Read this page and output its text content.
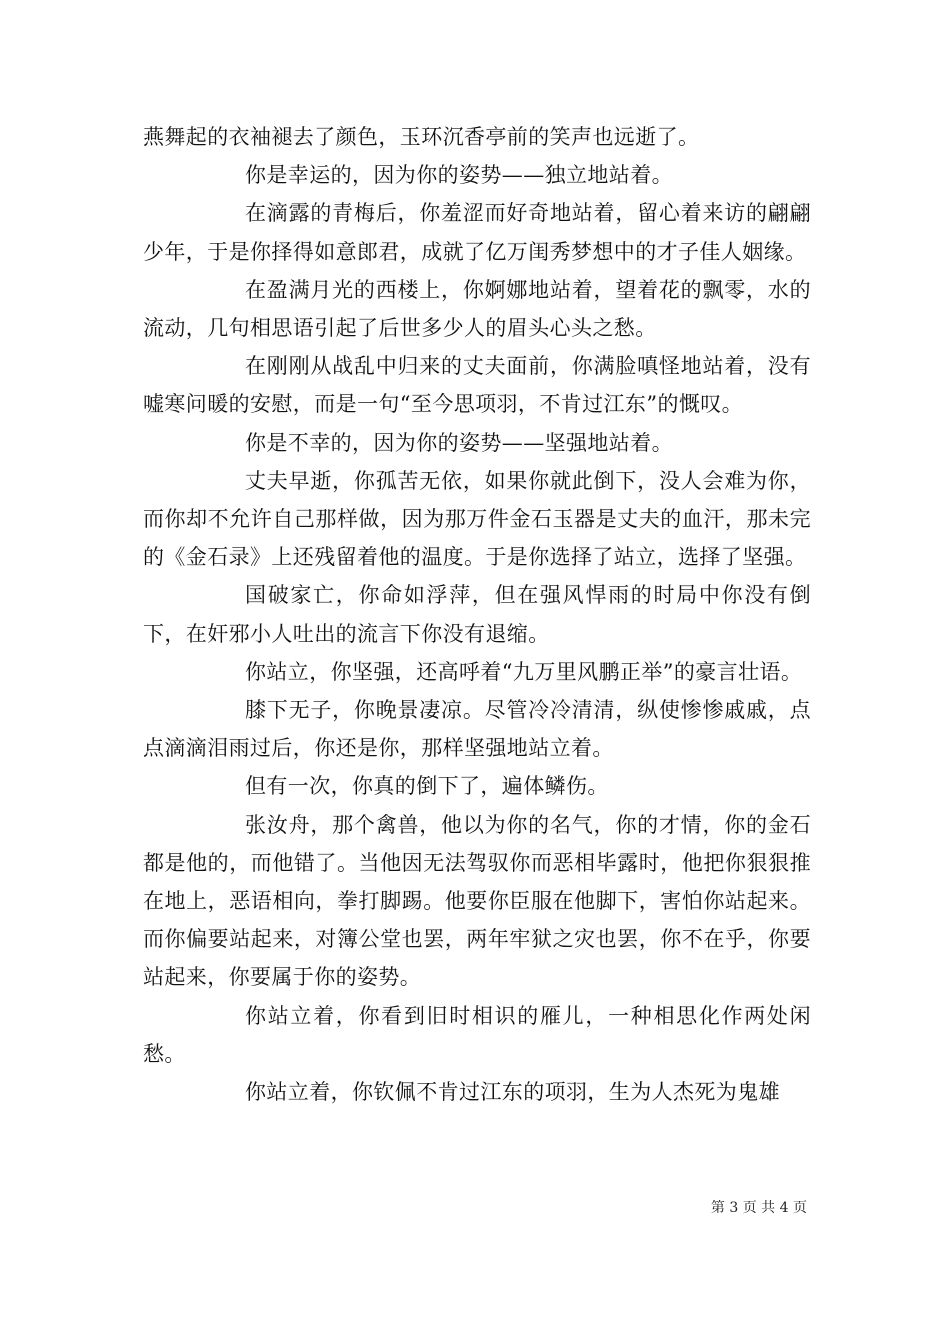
燕舞起的衣袖褪去了颜色，玉环沉香亭前的笑声也远逝了。

你是幸运的，因为你的姿势——独立地站着。

在滴露的青梅后，你羞涩而好奇地站着，留心着来访的翩翩少年，于是你择得如意郎君，成就了亿万闺秀梦想中的才子佳人姻缘。

在盈满月光的西楼上，你婀娜地站着，望着花的飘零，水的流动，几句相思语引起了后世多少人的眉头心头之愁。

在刚刚从战乱中归来的丈夫面前，你满脸嗔怪地站着，没有嘘寒问暖的安慰，而是一句“至今思项羽，不肯过江东”的慨叹。

你是不幸的，因为你的姿势——坚强地站着。

丈夫早逝，你孤苦无依，如果你就此倒下，没人会难为你，而你却不允许自己那样做，因为那万件金石玉器是丈夫的血汗，那未完的《金石录》上还残留着他的温度。于是你选择了站立，选择了坚强。

国破家亡，你命如浮萍，但在强风悍雨的时局中你没有倒下，在奸邪小人吐出的流言下你没有退缩。

你站立，你坚强，还高呼着“九万里风鹏正举”的豪言壮语。

膝下无子，你晚景凄凉。尽管冷冷清清，纵使惨惨戚戚，点点滴滴泪雨过后，你还是你，那样坚强地站立着。

但有一次，你真的倒下了，遍体鳞伤。

张汝舟，那个禽兽，他以为你的名气，你的才情，你的金石都是他的，而他错了。当他因无法驾驭你而恶相毕露时，他把你狠狠推在地上，恶语相向，拳打脚踢。他要你臣服在他脚下，害怕你站起来。而你偏要站起来，对簿公堂也罢，两年牢狱之灾也罢，你不在乎，你要站起来，你要属于你的姿势。

你站立着，你看到旧时相识的雁儿，一种相思化作两处闲愁。

你站立着，你钦佩不肯过江东的项羽，生为人杰死为鬼雄

第 3 页 共 4 页
